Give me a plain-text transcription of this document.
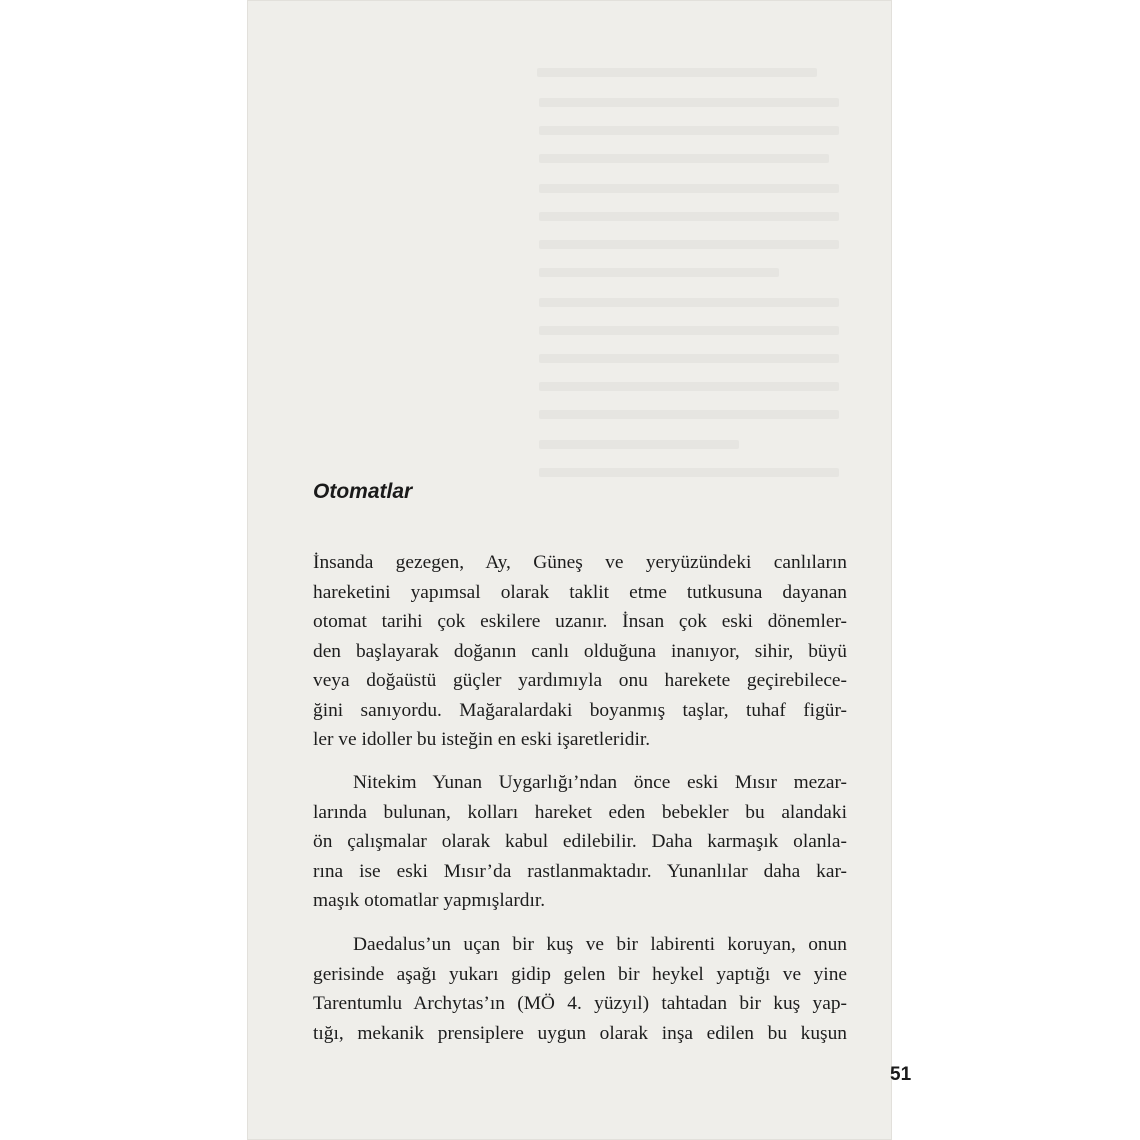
Otomatlar
İnsanda gezegen, Ay, Güneş ve yeryüzündeki canlıların
hareketini yapımsal olarak taklit etme tutkusuna dayanan
otomat tarihi çok eskilere uzanır. İnsan çok eski dönemler-
den başlayarak doğanın canlı olduğuna inanıyor, sihir, büyü
veya doğaüstü güçler yardımıyla onu harekete geçirebilece-
ğini sanıyordu. Mağaralardaki boyanmış taşlar, tuhaf figür-
ler ve idoller bu isteğin en eski işaretleridir.
Nitekim Yunan Uygarlığı’ndan önce eski Mısır mezar-
larında bulunan, kolları hareket eden bebekler bu alandaki
ön çalışmalar olarak kabul edilebilir. Daha karmaşık olanla-
rına ise eski Mısır’da rastlanmaktadır. Yunanlılar daha kar-
maşık otomatlar yapmışlardır.
Daedalus’un uçan bir kuş ve bir labirenti koruyan, onun
gerisinde aşağı yukarı gidip gelen bir heykel yaptığı ve yine
Tarentumlu Archytas’ın (MÖ 4. yüzyıl) tahtadan bir kuş yap-
tığı, mekanik prensiplere uygun olarak inşa edilen bu kuşun
51
